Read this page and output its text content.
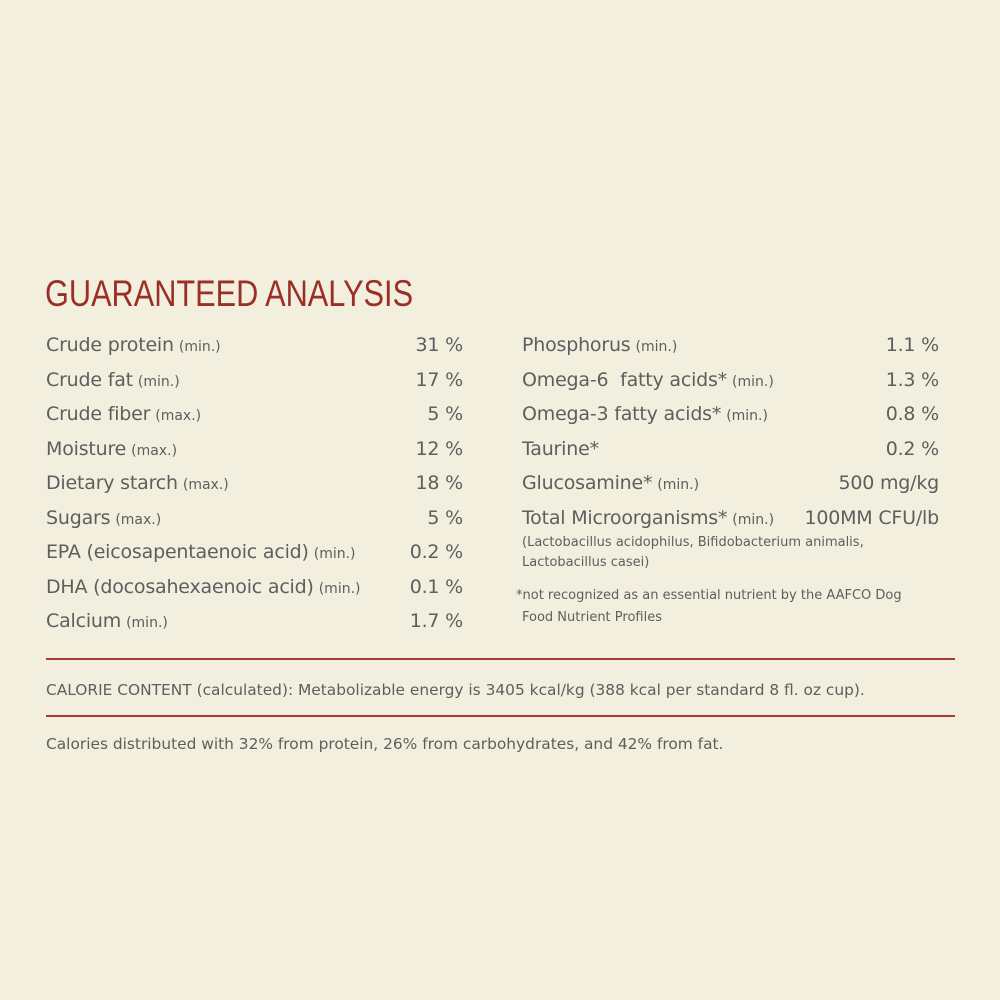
GUARANTEED ANALYSIS
Crude protein (min.)	31 %
Crude fat (min.)	17 %
Crude fiber (max.)	5 %
Moisture (max.)	12 %
Dietary starch (max.)	18 %
Sugars (max.)	5 %
EPA (eicosapentaenoic acid) (min.)	0.2 %
DHA (docosahexaenoic acid) (min.)	0.1 %
Calcium (min.)	1.7 %
Phosphorus (min.)	1.1 %
Omega-6  fatty acids* (min.)	1.3 %
Omega-3 fatty acids* (min.)	0.8 %
Taurine*	0.2 %
Glucosamine* (min.)	500 mg/kg
Total Microorganisms* (min.) 100MM CFU/lb
(Lactobacillus acidophilus, Bifidobacterium animalis,
Lactobacillus casei)
*not recognized as an essential nutrient by the AAFCO Dog
Food Nutrient Profiles
CALORIE CONTENT (calculated): Metabolizable energy is 3405 kcal/kg (388 kcal per standard 8 fl. oz cup).
Calories distributed with 32% from protein, 26% from carbohydrates, and 42% from fat.
